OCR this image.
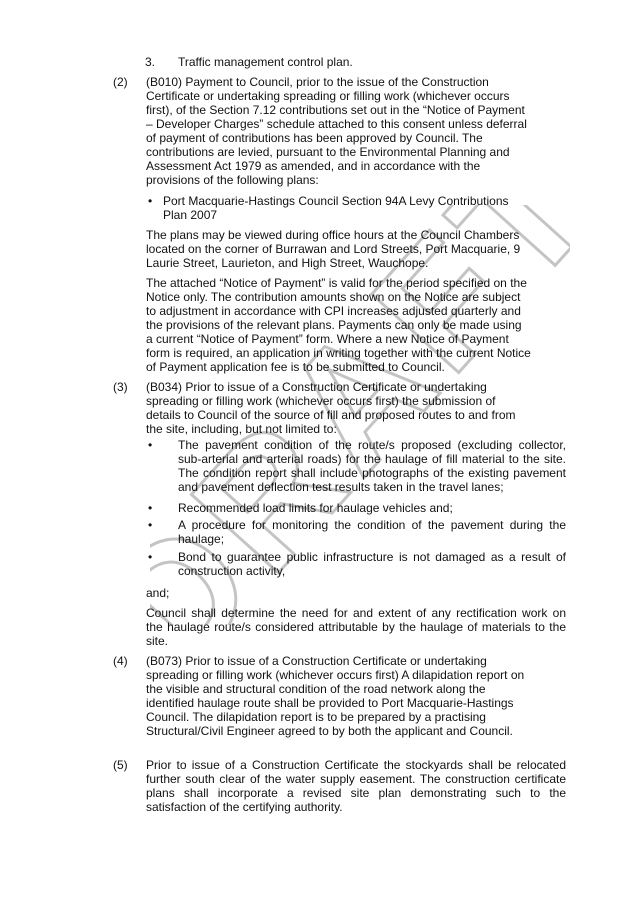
DRAFT
3. Traffic management control plan.
(2) (B010) Payment to Council, prior to the issue of the Construction
Certificate or undertaking spreading or filling work (whichever occurs
first), of the Section 7.12 contributions set out in the “Notice of Payment
– Developer Charges” schedule attached to this consent unless deferral
of payment of contributions has been approved by Council. The
contributions are levied, pursuant to the Environmental Planning and
Assessment Act 1979 as amended, and in accordance with the
provisions of the following plans:
• Port Macquarie-Hastings Council Section 94A Levy Contributions
Plan 2007
The plans may be viewed during office hours at the Council Chambers
located on the corner of Burrawan and Lord Streets, Port Macquarie, 9
Laurie Street, Laurieton, and High Street, Wauchope.
The attached “Notice of Payment” is valid for the period specified on the
Notice only. The contribution amounts shown on the Notice are subject
to adjustment in accordance with CPI increases adjusted quarterly and
the provisions of the relevant plans. Payments can only be made using
a current “Notice of Payment” form. Where a new Notice of Payment
form is required, an application in writing together with the current Notice
of Payment application fee is to be submitted to Council.
(3) (B034) Prior to issue of a Construction Certificate or undertaking
spreading or filling work (whichever occurs first) the submission of
details to Council of the source of fill and proposed routes to and from
the site, including, but not limited to:
• The pavement condition of the route/s proposed (excluding collector,
sub-arterial and arterial roads) for the haulage of fill material to the site.
The condition report shall include photographs of the existing pavement
and pavement deflection test results taken in the travel lanes;
• Recommended load limits for haulage vehicles and;
• A procedure for monitoring the condition of the pavement during the
haulage;
• Bond to guarantee public infrastructure is not damaged as a result of
construction activity,
and;
Council shall determine the need for and extent of any rectification work on
the haulage route/s considered attributable by the haulage of materials to the
site.
(4) (B073) Prior to issue of a Construction Certificate or undertaking
spreading or filling work (whichever occurs first) A dilapidation report on
the visible and structural condition of the road network along the
identified haulage route shall be provided to Port Macquarie-Hastings
Council. The dilapidation report is to be prepared by a practising
Structural/Civil Engineer agreed to by both the applicant and Council.
(5) Prior to issue of a Construction Certificate the stockyards shall be relocated
further south clear of the water supply easement. The construction certificate
plans shall incorporate a revised site plan demonstrating such to the
satisfaction of the certifying authority.
